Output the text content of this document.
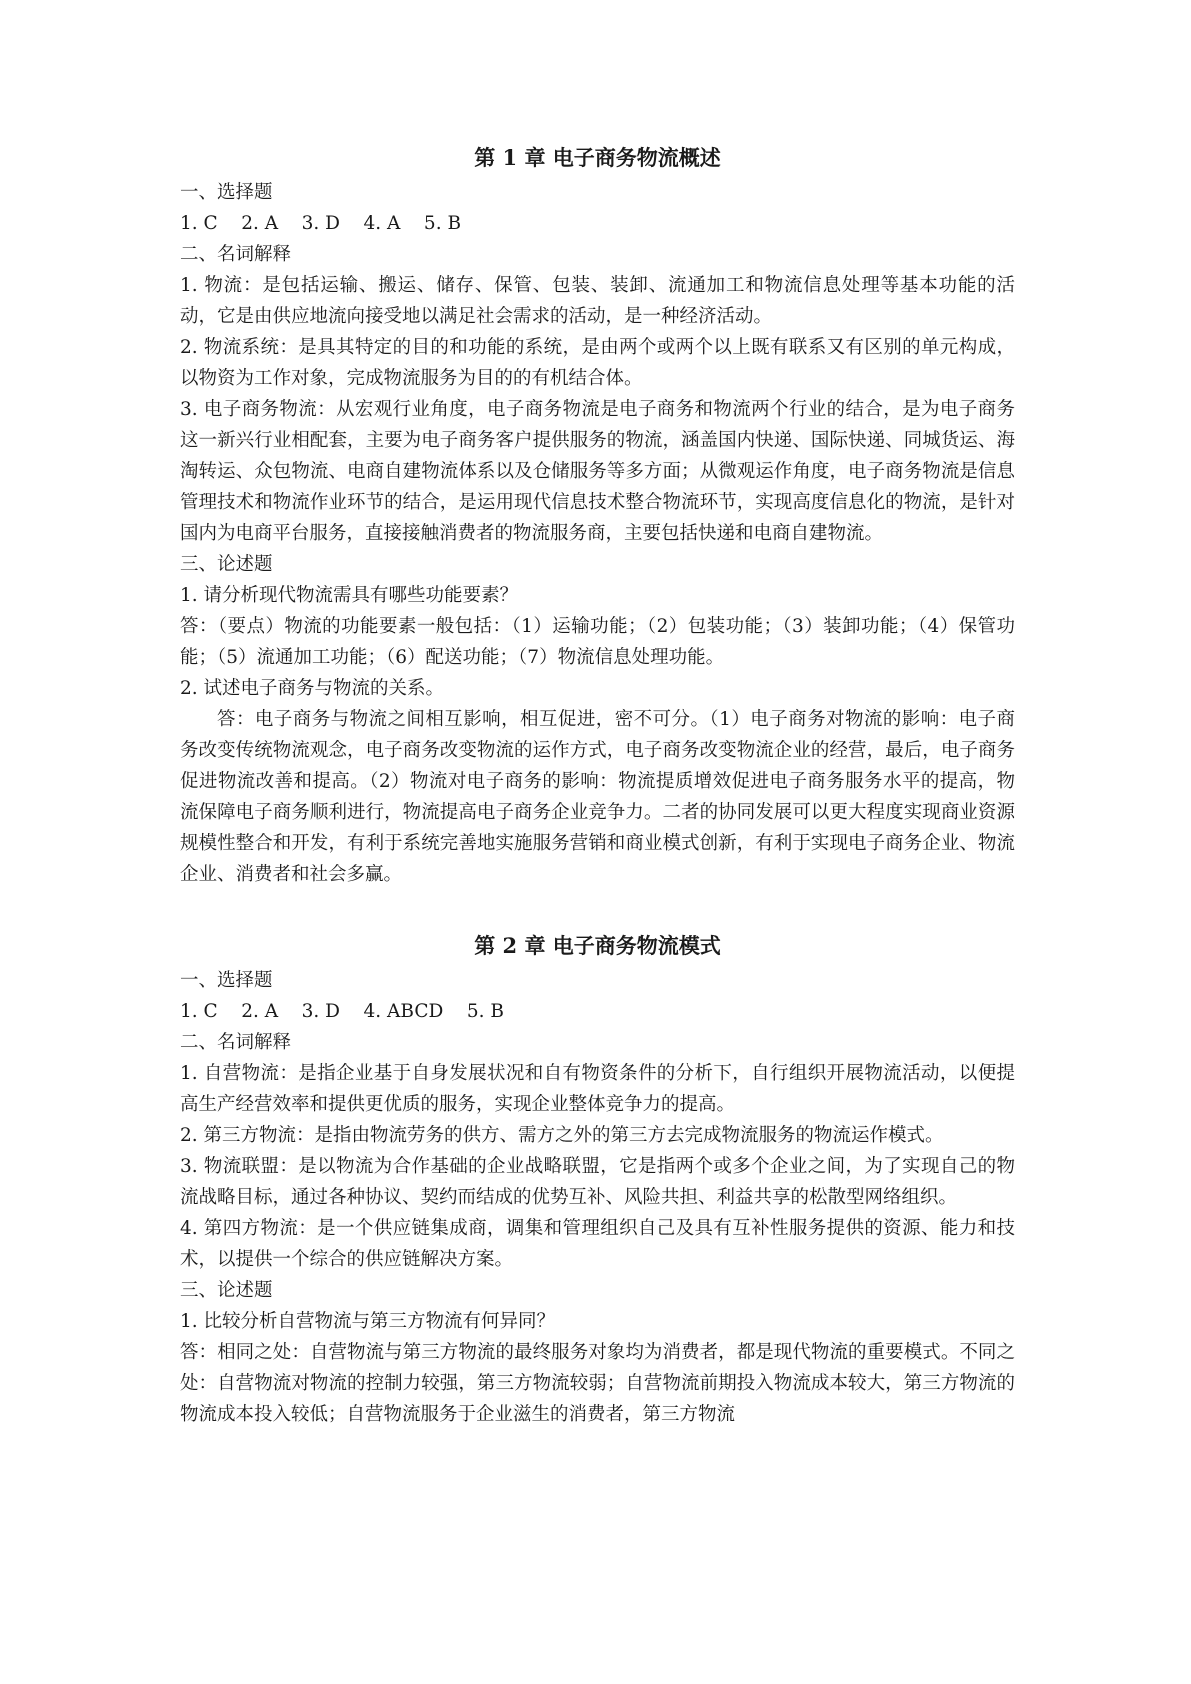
第 1 章 电子商务物流概述

一、选择题

1. C    2. A    3. D    4. A    5. B

二、名词解释

1. 物流：是包括运输、搬运、储存、保管、包装、装卸、流通加工和物流信息处理等基本功能的活动，它是由供应地流向接受地以满足社会需求的活动，是一种经济活动。

2. 物流系统：是具其特定的目的和功能的系统，是由两个或两个以上既有联系又有区别的单元构成，以物资为工作对象，完成物流服务为目的的有机结合体。

3. 电子商务物流：从宏观行业角度，电子商务物流是电子商务和物流两个行业的结合，是为电子商务这一新兴行业相配套，主要为电子商务客户提供服务的物流，涵盖国内快递、国际快递、同城货运、海淘转运、众包物流、电商自建物流体系以及仓储服务等多方面；从微观运作角度，电子商务物流是信息管理技术和物流作业环节的结合，是运用现代信息技术整合物流环节，实现高度信息化的物流，是针对国内为电商平台服务，直接接触消费者的物流服务商，主要包括快递和电商自建物流。

三、论述题

1. 请分析现代物流需具有哪些功能要素？

答：（要点）物流的功能要素一般包括：（1）运输功能；（2）包装功能；（3）装卸功能；（4）保管功能；（5）流通加工功能；（6）配送功能；（7）物流信息处理功能。

2. 试述电子商务与物流的关系。

答：电子商务与物流之间相互影响，相互促进，密不可分。（1）电子商务对物流的影响：电子商务改变传统物流观念，电子商务改变物流的运作方式，电子商务改变物流企业的经营，最后，电子商务促进物流改善和提高。（2）物流对电子商务的影响：物流提质增效促进电子商务服务水平的提高，物流保障电子商务顺利进行，物流提高电子商务企业竞争力。二者的协同发展可以更大程度实现商业资源规模性整合和开发，有利于系统完善地实施服务营销和商业模式创新，有利于实现电子商务企业、物流企业、消费者和社会多赢。

第 2 章 电子商务物流模式

一、选择题

1. C    2. A    3. D    4. ABCD    5. B

二、名词解释

1. 自营物流：是指企业基于自身发展状况和自有物资条件的分析下，自行组织开展物流活动，以便提高生产经营效率和提供更优质的服务，实现企业整体竞争力的提高。

2. 第三方物流：是指由物流劳务的供方、需方之外的第三方去完成物流服务的物流运作模式。

3. 物流联盟：是以物流为合作基础的企业战略联盟，它是指两个或多个企业之间，为了实现自己的物流战略目标，通过各种协议、契约而结成的优势互补、风险共担、利益共享的松散型网络组织。

4. 第四方物流：是一个供应链集成商，调集和管理组织自己及具有互补性服务提供的资源、能力和技术，以提供一个综合的供应链解决方案。

三、论述题

1. 比较分析自营物流与第三方物流有何异同？

答：相同之处：自营物流与第三方物流的最终服务对象均为消费者，都是现代物流的重要模式。不同之处：自营物流对物流的控制力较强，第三方物流较弱；自营物流前期投入物流成本较大，第三方物流的物流成本投入较低；自营物流服务于企业滋生的消费者，第三方物流
